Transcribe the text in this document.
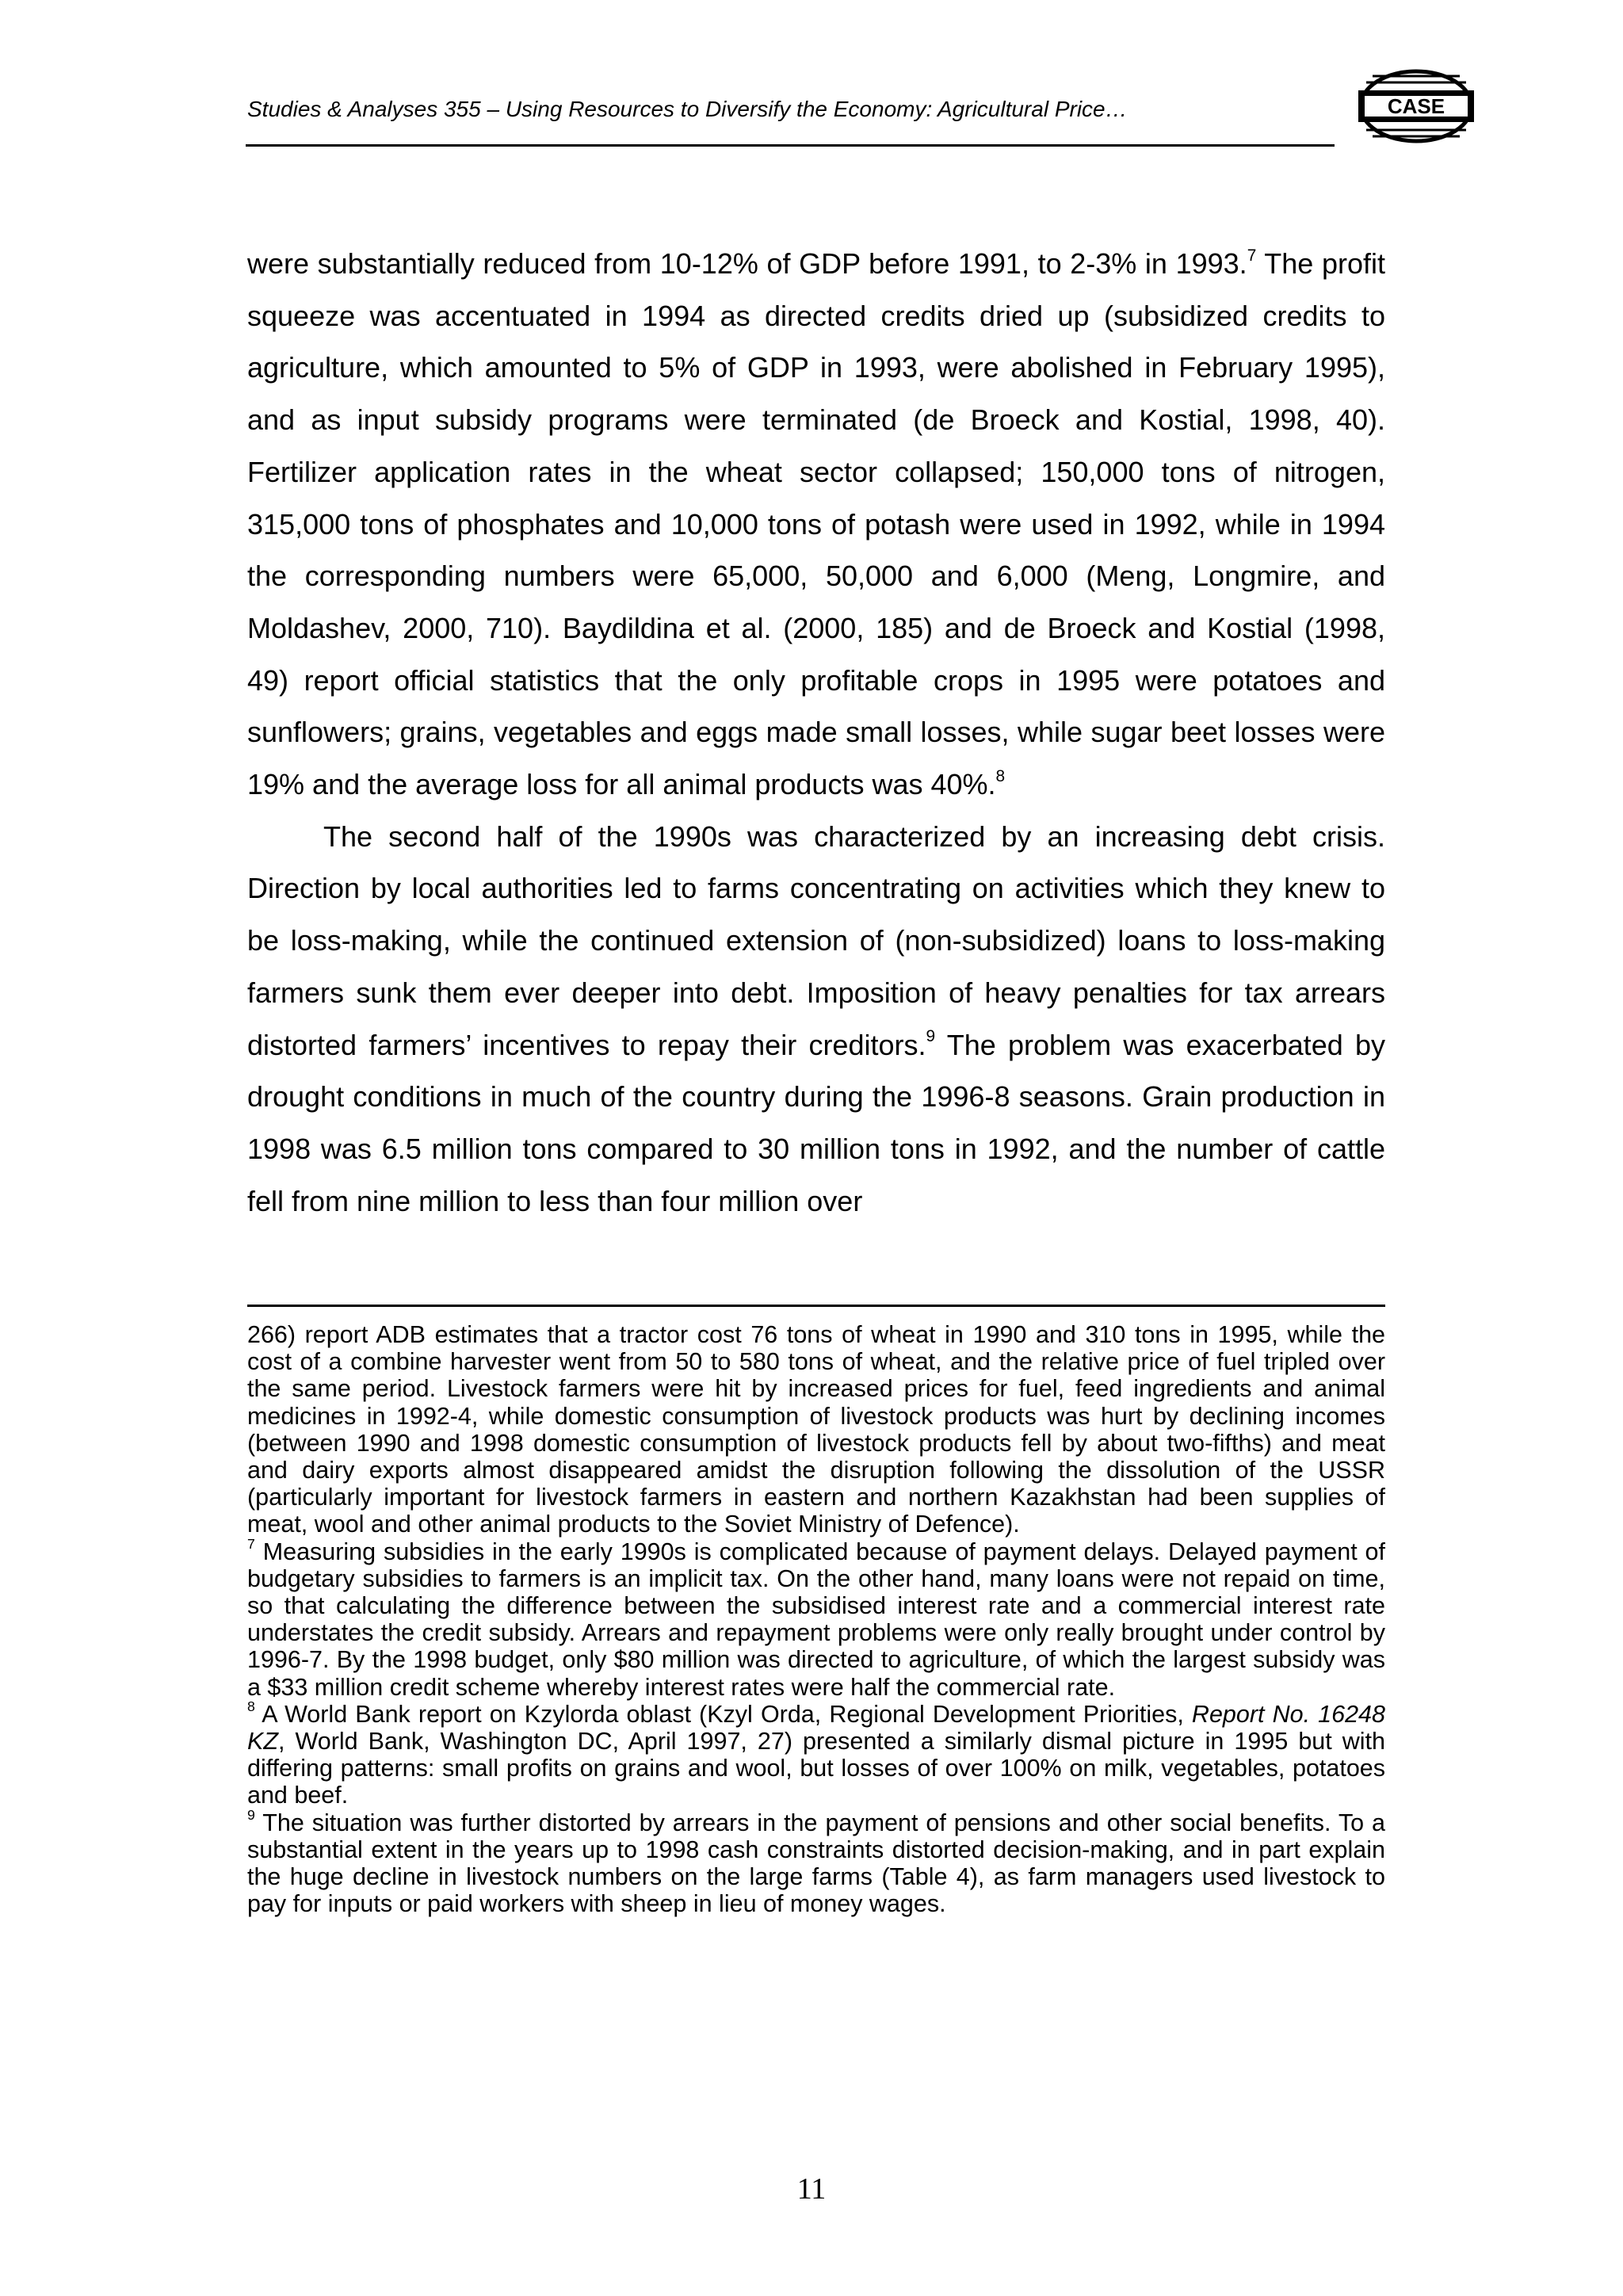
Studies & Analyses 355 – Using Resources to Diversify the Economy: Agricultural Price…	CASE

were substantially reduced from 10-12% of GDP before 1991, to 2-3% in 1993.$^7$ The profit squeeze was accentuated in 1994 as directed credits dried up (subsidized credits to agriculture, which amounted to 5% of GDP in 1993, were abolished in February 1995), and as input subsidy programs were terminated (de Broeck and Kostial, 1998, 40). Fertilizer application rates in the wheat sector collapsed; 150,000 tons of nitrogen, 315,000 tons of phosphates and 10,000 tons of potash were used in 1992, while in 1994 the corresponding numbers were 65,000, 50,000 and 6,000 (Meng, Longmire, and Moldashev, 2000, 710). Baydildina et al. (2000, 185) and de Broeck and Kostial (1998, 49) report official statistics that the only profitable crops in 1995 were potatoes and sunflowers; grains, vegetables and eggs made small losses, while sugar beet losses were 19% and the average loss for all animal products was 40%.$^8$

The second half of the 1990s was characterized by an increasing debt crisis. Direction by local authorities led to farms concentrating on activities which they knew to be loss-making, while the continued extension of (non-subsidized) loans to loss-making farmers sunk them ever deeper into debt. Imposition of heavy penalties for tax arrears distorted farmers’ incentives to repay their creditors.$^9$ The problem was exacerbated by drought conditions in much of the country during the 1996-8 seasons. Grain production in 1998 was 6.5 million tons compared to 30 million tons in 1992, and the number of cattle fell from nine million to less than four million over

266) report ADB estimates that a tractor cost 76 tons of wheat in 1990 and 310 tons in 1995, while the cost of a combine harvester went from 50 to 580 tons of wheat, and the relative price of fuel tripled over the same period. Livestock farmers were hit by increased prices for fuel, feed ingredients and animal medicines in 1992-4, while domestic consumption of livestock products was hurt by declining incomes (between 1990 and 1998 domestic consumption of livestock products fell by about two-fifths) and meat and dairy exports almost disappeared amidst the disruption following the dissolution of the USSR (particularly important for livestock farmers in eastern and northern Kazakhstan had been supplies of meat, wool and other animal products to the Soviet Ministry of Defence).

$^7$ Measuring subsidies in the early 1990s is complicated because of payment delays. Delayed payment of budgetary subsidies to farmers is an implicit tax. On the other hand, many loans were not repaid on time, so that calculating the difference between the subsidised interest rate and a commercial interest rate understates the credit subsidy. Arrears and repayment problems were only really brought under control by 1996-7. By the 1998 budget, only $80 million was directed to agriculture, of which the largest subsidy was a $33 million credit scheme whereby interest rates were half the commercial rate.

$^8$ A World Bank report on Kzylorda oblast (Kzyl Orda, Regional Development Priorities, Report No. 16248 KZ, World Bank, Washington DC, April 1997, 27) presented a similarly dismal picture in 1995 but with differing patterns: small profits on grains and wool, but losses of over 100% on milk, vegetables, potatoes and beef.

$^9$ The situation was further distorted by arrears in the payment of pensions and other social benefits. To a substantial extent in the years up to 1998 cash constraints distorted decision-making, and in part explain the huge decline in livestock numbers on the large farms (Table 4), as farm managers used livestock to pay for inputs or paid workers with sheep in lieu of money wages.

11
